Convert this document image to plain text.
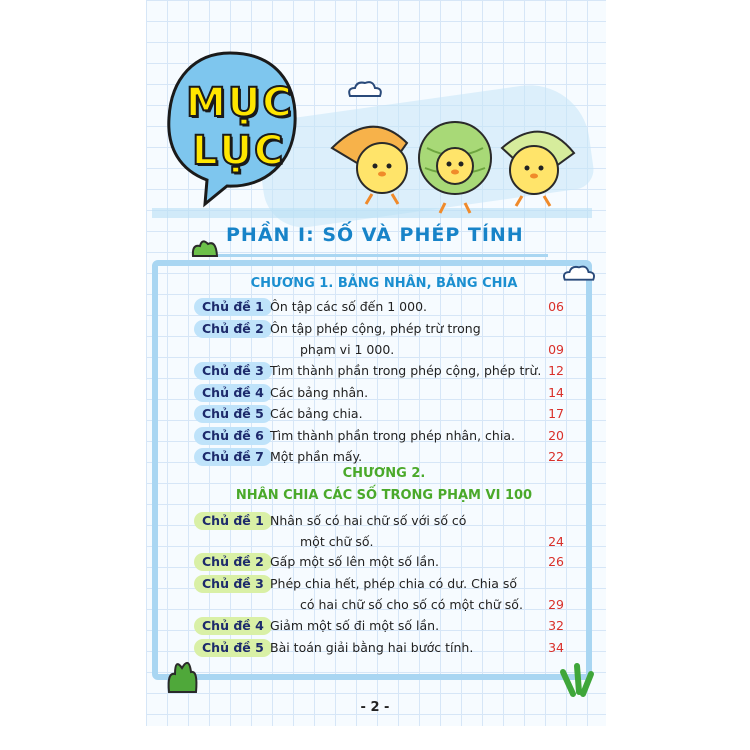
MỤC
LỤC
PHẦN I: SỐ VÀ PHÉP TÍNH
CHƯƠNG 1. BẢNG NHÂN, BẢNG CHIA
Chủ đề 1 Ôn tập các số đến 1 000.	06
Chủ đề 2 Ôn tập phép cộng, phép trừ trong
phạm vi 1 000.	09
Chủ đề 3 Tìm thành phần trong phép cộng, phép trừ. 12
Chủ đề 4 Các bảng nhân.	14
Chủ đề 5 Các bảng chia.	17
Chủ đề 6 Tìm thành phần trong phép nhân, chia.	20
Chủ đề 7 Một phần mấy.	22
CHƯƠNG 2.
NHÂN CHIA CÁC SỐ TRONG PHẠM VI 100
Chủ đề 1 Nhân số có hai chữ số với số có
một chữ số.	24
Chủ đề 2 Gấp một số lên một số lần.	26
Chủ đề 3 Phép chia hết, phép chia có dư. Chia số
có hai chữ số cho số có một chữ số. 29
Chủ đề 4 Giảm một số đi một số lần.	32
Chủ đề 5 Bài toán giải bằng hai bước tính.	34
- 2 -
